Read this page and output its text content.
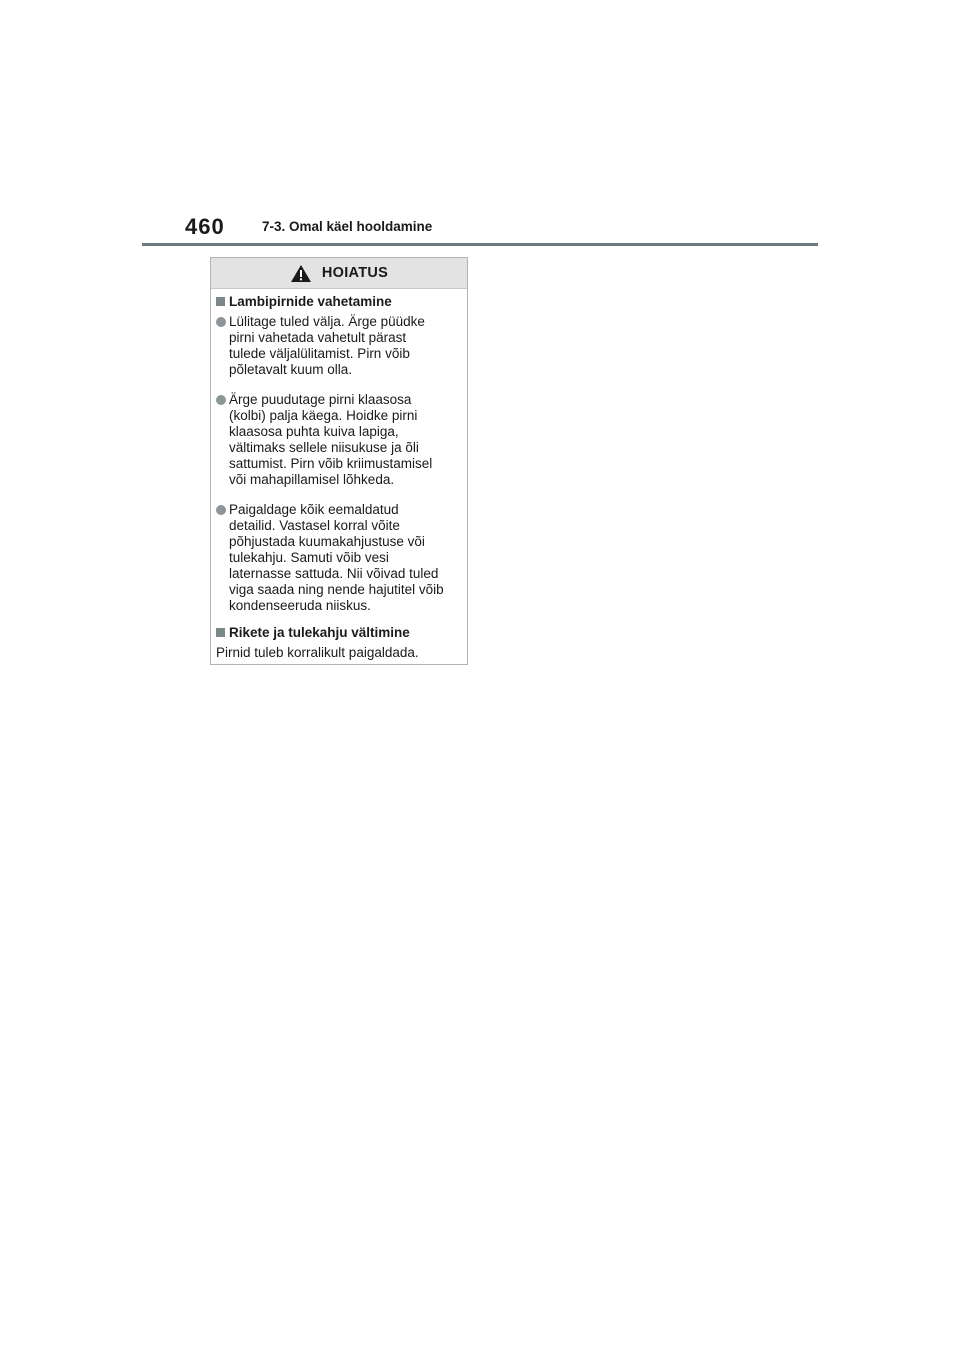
460	7-3. Omal käel hooldamine
HOIATUS
Lambipirnide vahetamine
Lülitage tuled välja. Ärge püüdke
pirni vahetada vahetult pärast
tulede väljalülitamist. Pirn võib
põletavalt kuum olla.
Ärge puudutage pirni klaasosa
(kolbi) palja käega. Hoidke pirni
klaasosa puhta kuiva lapiga,
vältimaks sellele niisukuse ja õli
sattumist. Pirn võib kriimustamisel
või mahapillamisel lõhkeda.
Paigaldage kõik eemaldatud
detailid. Vastasel korral võite
põhjustada kuumakahjustuse või
tulekahju. Samuti võib vesi
laternasse sattuda. Nii võivad tuled
viga saada ning nende hajutitel võib
kondenseeruda niiskus.
Rikete ja tulekahju vältimine
Pirnid tuleb korralikult paigaldada.
